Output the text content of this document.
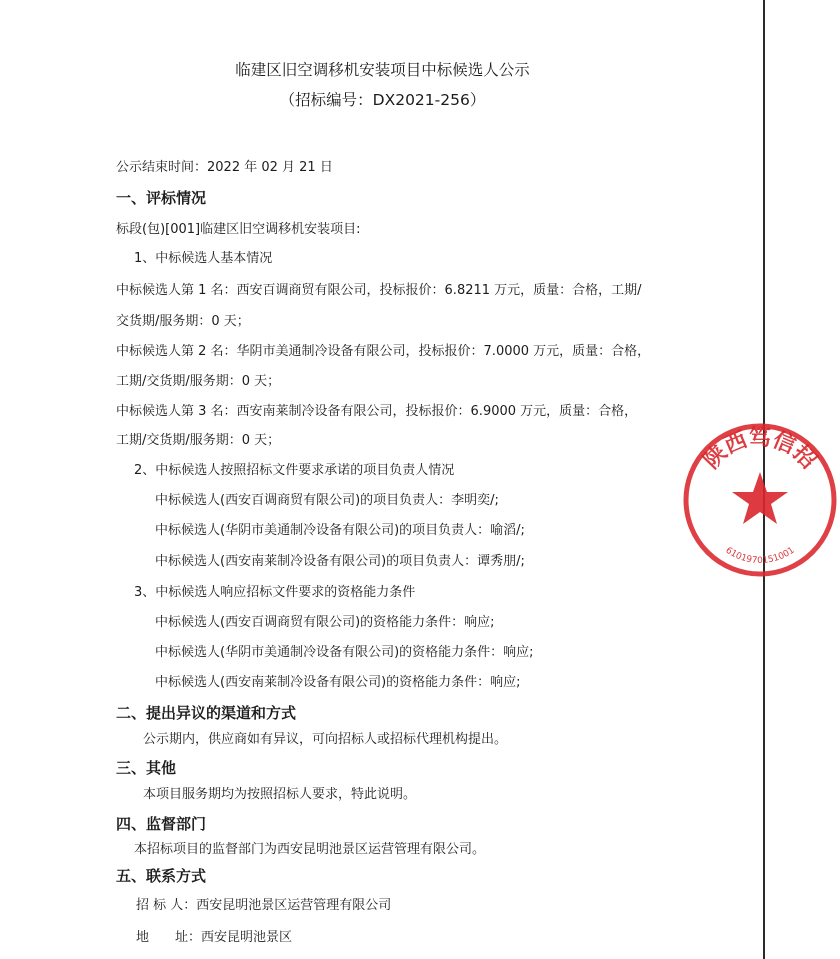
临建区旧空调移机安装项目中标候选人公示
（招标编号：DX2021-256）
公示结束时间：2022 年 02 月 21 日
一、评标情况
标段(包)[001]临建区旧空调移机安装项目:
1、中标候选人基本情况
中标候选人第 1 名：西安百调商贸有限公司，投标报价：6.8211 万元，质量：合格，工期/
交货期/服务期：0 天；
中标候选人第 2 名：华阴市美通制冷设备有限公司，投标报价：7.0000 万元，质量：合格，
工期/交货期/服务期：0 天；
中标候选人第 3 名：西安南莱制冷设备有限公司，投标报价：6.9000 万元，质量：合格，
工期/交货期/服务期：0 天；
2、中标候选人按照招标文件要求承诺的项目负责人情况
中标候选人(西安百调商贸有限公司)的项目负责人：李明奕/;
中标候选人(华阴市美通制冷设备有限公司)的项目负责人：喻滔/;
中标候选人(西安南莱制冷设备有限公司)的项目负责人：谭秀朋/;
3、中标候选人响应招标文件要求的资格能力条件
中标候选人(西安百调商贸有限公司)的资格能力条件：响应;
中标候选人(华阴市美通制冷设备有限公司)的资格能力条件：响应;
中标候选人(西安南莱制冷设备有限公司)的资格能力条件：响应;
二、提出异议的渠道和方式
公示期内，供应商如有异议，可向招标人或招标代理机构提出。
三、其他
本项目服务期均为按照招标人要求，特此说明。
四、监督部门
本招标项目的监督部门为西安昆明池景区运营管理有限公司。
五、联系方式
招 标 人：西安昆明池景区运营管理有限公司
地　　址：西安昆明池景区
陕西笃信招
6101970151001
